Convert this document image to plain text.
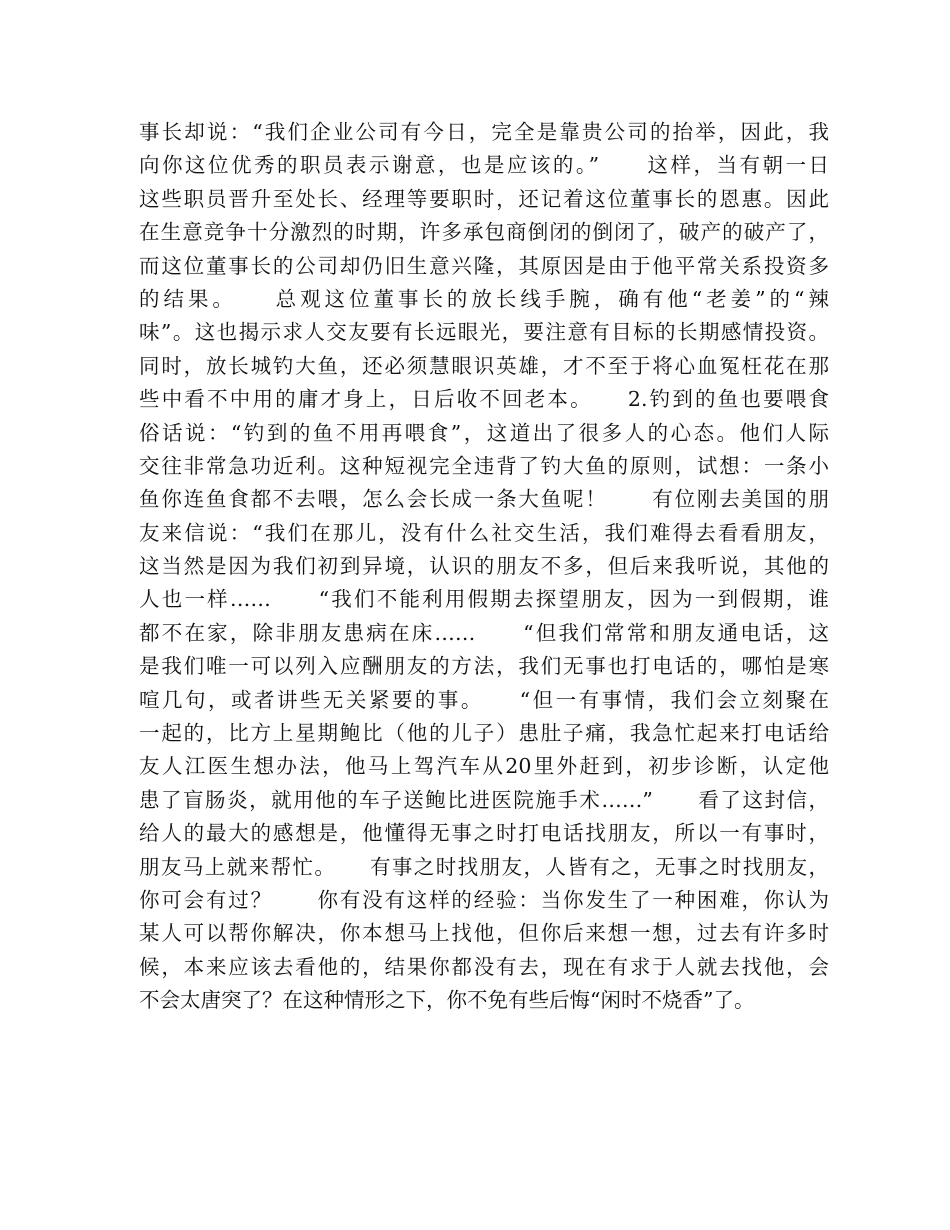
事长却说：“我们企业公司有今日，完全是靠贵公司的抬举，因此，我
向你这位优秀的职员表示谢意，也是应该的。”　　这样，当有朝一日
这些职员晋升至处长、经理等要职时，还记着这位董事长的恩惠。因此
在生意竞争十分激烈的时期，许多承包商倒闭的倒闭了，破产的破产了，
而这位董事长的公司却仍旧生意兴隆，其原因是由于他平常关系投资多
的结果。　　总观这位董事长的放长线手腕，确有他“老姜”的“辣
味”。这也揭示求人交友要有长远眼光，要注意有目标的长期感情投资。
同时，放长城钓大鱼，还必须慧眼识英雄，才不至于将心血冤枉花在那
些中看不中用的庸才身上，日后收不回老本。　　2.钓到的鱼也要喂食
俗话说：“钓到的鱼不用再喂食”，这道出了很多人的心态。他们人际
交往非常急功近利。这种短视完全违背了钓大鱼的原则，试想：一条小
鱼你连鱼食都不去喂，怎么会长成一条大鱼呢！　　有位刚去美国的朋
友来信说：“我们在那儿，没有什么社交生活，我们难得去看看朋友，
这当然是因为我们初到异境，认识的朋友不多，但后来我听说，其他的
人也一样……　　“我们不能利用假期去探望朋友，因为一到假期，谁
都不在家，除非朋友患病在床……　　“但我们常常和朋友通电话，这
是我们唯一可以列入应酬朋友的方法，我们无事也打电话的，哪怕是寒
喧几句，或者讲些无关紧要的事。　　“但一有事情，我们会立刻聚在
一起的，比方上星期鲍比（他的儿子）患肚子痛，我急忙起来打电话给
友人江医生想办法，他马上驾汽车从20里外赶到，初步诊断，认定他
患了盲肠炎，就用他的车子送鲍比进医院施手术……”　　看了这封信，
给人的最大的感想是，他懂得无事之时打电话找朋友，所以一有事时，
朋友马上就来帮忙。　　有事之时找朋友，人皆有之，无事之时找朋友，
你可会有过？　　你有没有这样的经验：当你发生了一种困难，你认为
某人可以帮你解决，你本想马上找他，但你后来想一想，过去有许多时
候，本来应该去看他的，结果你都没有去，现在有求于人就去找他，会
不会太唐突了？在这种情形之下，你不免有些后悔“闲时不烧香”了。
